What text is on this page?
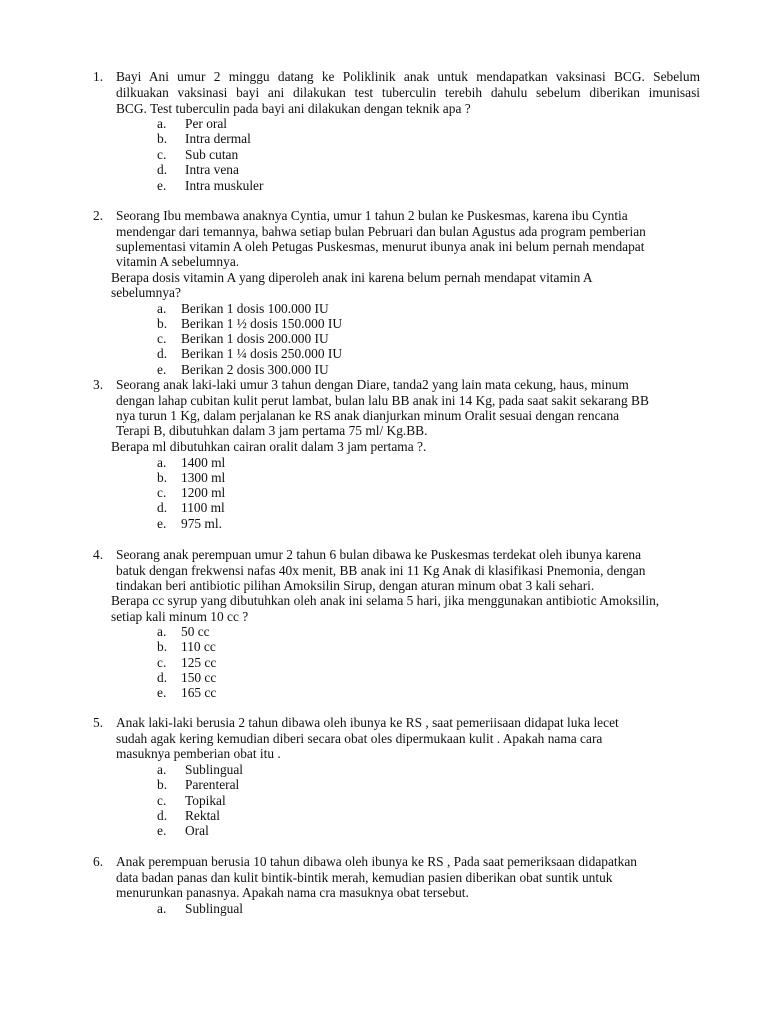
1. Bayi Ani umur 2 minggu datang ke Poliklinik anak untuk mendapatkan vaksinasi BCG. Sebelum
dilkuakan vaksinasi bayi ani dilakukan test tuberculin terebih dahulu sebelum diberikan imunisasi
BCG. Test tuberculin pada bayi ani dilakukan dengan teknik apa ?
a. Per oral
b. Intra dermal
c. Sub cutan
d. Intra vena
e. Intra muskuler
2. Seorang Ibu membawa anaknya Cyntia, umur 1 tahun 2 bulan ke Puskesmas, karena ibu Cyntia
mendengar dari temannya, bahwa setiap bulan Pebruari dan bulan Agustus ada program pemberian
suplementasi vitamin A oleh Petugas Puskesmas, menurut ibunya anak ini belum pernah mendapat
vitamin A sebelumnya.
Berapa dosis vitamin A yang diperoleh anak ini karena belum pernah mendapat vitamin A
sebelumnya?
a. Berikan 1 dosis 100.000 IU
b. Berikan 1 ½ dosis 150.000 IU
c. Berikan 1 dosis 200.000 IU
d. Berikan 1 ¼ dosis 250.000 IU
e. Berikan 2 dosis 300.000 IU
3. Seorang anak laki-laki umur 3 tahun dengan Diare, tanda2 yang lain mata cekung, haus, minum
dengan lahap cubitan kulit perut lambat, bulan lalu BB anak ini 14 Kg, pada saat sakit sekarang BB
nya turun 1 Kg, dalam perjalanan ke RS anak dianjurkan minum Oralit sesuai dengan rencana
Terapi B, dibutuhkan dalam 3 jam pertama 75 ml/ Kg.BB.
Berapa ml dibutuhkan cairan oralit dalam 3 jam pertama ?.
a. 1400 ml
b. 1300 ml
c. 1200 ml
d. 1100 ml
e. 975 ml.
4. Seorang anak perempuan umur 2 tahun 6 bulan dibawa ke Puskesmas terdekat oleh ibunya karena
batuk dengan frekwensi nafas 40x menit, BB anak ini 11 Kg Anak di klasifikasi Pnemonia, dengan
tindakan beri antibiotic pilihan Amoksilin Sirup, dengan aturan minum obat 3 kali sehari.
Berapa cc syrup yang dibutuhkan oleh anak ini selama 5 hari, jika menggunakan antibiotic Amoksilin,
setiap kali minum 10 cc ?
a. 50 cc
b. 110 cc
c. 125 cc
d. 150 cc
e. 165 cc
5. Anak laki-laki berusia 2 tahun dibawa oleh ibunya ke RS , saat pemeriisaan didapat luka lecet
sudah agak kering kemudian diberi secara obat oles dipermukaan kulit . Apakah nama cara
masuknya pemberian obat itu .
a. Sublingual
b. Parenteral
c. Topikal
d. Rektal
e. Oral
6. Anak perempuan berusia 10 tahun dibawa oleh ibunya ke RS , Pada saat pemeriksaan didapatkan
data badan panas dan kulit bintik-bintik merah, kemudian pasien diberikan obat suntik untuk
menurunkan panasnya. Apakah nama cra masuknya obat tersebut.
a. Sublingual
